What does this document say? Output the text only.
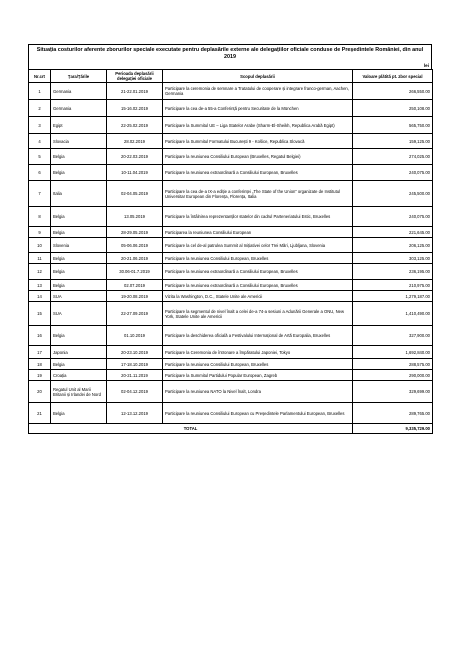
Situația costurilor aferente zborurilor speciale executate pentru deplasările externe ale delegațiilor oficiale conduse de Președintele României, din anul 2019
lei
Nr.crt	Țara/Țările	Perioada deplasării delegației oficiale	Scopul deplasării	Valoare plătită pt. zbor special
1	Germania	21-22.01.2019	Participare la ceremonia de semnare a Tratatului de cooperare și integrare franco-german, Aachen, Germania	266,550.00
2	Germania	15-16.02.2019	Participare la cea de-a 55-a Conferință pentru Securitate de la München	250,108.00
3	Egipt	22-25.02.2019	Participare la Summitul UE – Liga Statelor Arabe (Sharm-El-Sheikh, Republica Arabă Egipt)	565,750.00
4	Slovacia	28.02.2019	Participare la Summitul Formatului București 9 - Košice, Republica Slovacă	159,125.00
5	Belgia	20-22.03.2019	Participare la reuniunea Consiliului European (Bruxelles, Regatul Belgiei)	274,025.00
6	Belgia	10-11.04.2019	Participare la reuniunea extraordinară a Consiliului European, Bruxelles	240,075.00
7	Italia	02-04.05.2019	Participare la cea de-a IX-a ediție a conferinței „The State of the Union” organizate de Institutul Universitar European din Florența, Florența, Italia	245,500.00
8	Belgia	13.05.2019	Participare la întâlnirea reprezentanților statelor din cadrul Parteneriatului Estic, Bruxelles	240,075.00
9	Belgia	28-29.05.2019	Participarea la reuniunea Consiliului European	221,645.00
10	Slovenia	05-06.06.2019	Participare la cel de-al patrulea Summit al Inițiativei celor Trei Mări, Ljubljana, Slovenia	206,125.00
11	Belgia	20-21.06.2019	Participare la reuniunea Consiliului European, Bruxelles	303,125.00
12	Belgia	30.06-01.7.2019	Participare la reuniunea extraordinară a Consiliului European, Bruxelles	236,195.00
13	Belgia	02.07.2019	Participare la reuniunea extraordinară a Consiliului European, Bruxelles	210,975.00
14	SUA	19-20.08.2019	Vizita la Washington, D.C., Statele Unite ale Americii	1,279,187.00
15	SUA	22-27.09.2019	Participare la segmentul de nivel înalt a celei de-a 74-a sesiuni a Adunării Generale a ONU, New York, Statele Unite ale Americii	1,410,490.00
16	Belgia	01.10.2019	Participare la deschiderea oficială a Festivalului Internațional de Artă Europalia, Bruxelles	327,900.00
17	Japonia	20-23.10.2019	Participare la Ceremonia de întronare a Împăratului Japoniei, Tokyo	1,692,840.00
18	Belgia	17-18.10.2019	Participare la reuniunea Consiliului European, Bruxelles	288,575.00
19	Croația	20-21.11.2019	Participare la Summitul Partidului Popular European, Zagreb	290,000.00
20	Regatul Unit al Marii Britanii și Irlandei de Nord	02-04.12.2019	Participare la reuniunea NATO la Nivel Înalt, Londra	329,699.00
21	Belgia	12-13.12.2019	Participare la reuniunea Consiliului European cu Președintele Parlamentului European, Bruxelles	289,765.00
TOTAL				9,335,729.00
